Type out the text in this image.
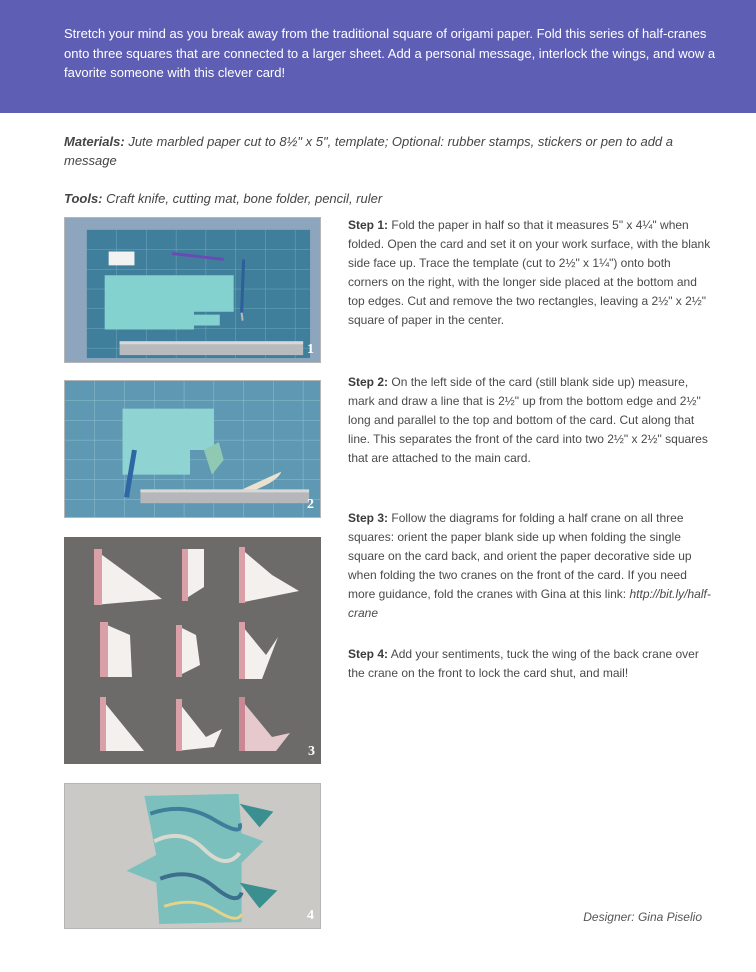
Stretch your mind as you break away from the traditional square of origami paper. Fold this series of half-cranes onto three squares that are connected to a larger sheet. Add a personal message, interlock the wings, and wow a favorite someone with this clever card!

Materials: Jute marbled paper cut to 8½" x 5", template; Optional: rubber stamps, stickers or pen to add a message

Tools: Craft knife, cutting mat, bone folder, pencil, ruler

1
2
3
4

Step 1: Fold the paper in half so that it measures 5" x 4¼" when folded. Open the card and set it on your work surface, with the blank side face up. Trace the template (cut to 2½" x 1¼") onto both corners on the right, with the longer side placed at the bottom and top edges. Cut and remove the two rectangles, leaving a 2½" x 2½" square of paper in the center.

Step 2: On the left side of the card (still blank side up) measure, mark and draw a line that is 2½" up from the bottom edge and 2½" long and parallel to the top and bottom of the card. Cut along that line. This separates the front of the card into two 2½" x 2½" squares that are attached to the main card.

Step 3: Follow the diagrams for folding a half crane on all three squares: orient the paper blank side up when folding the single square on the card back, and orient the paper decorative side up when folding the two cranes on the front of the card. If you need more guidance, fold the cranes with Gina at this link: http://bit.ly/half-crane

Step 4: Add your sentiments, tuck the wing of the back crane over the crane on the front to lock the card shut, and mail!

Designer: Gina Piselio
